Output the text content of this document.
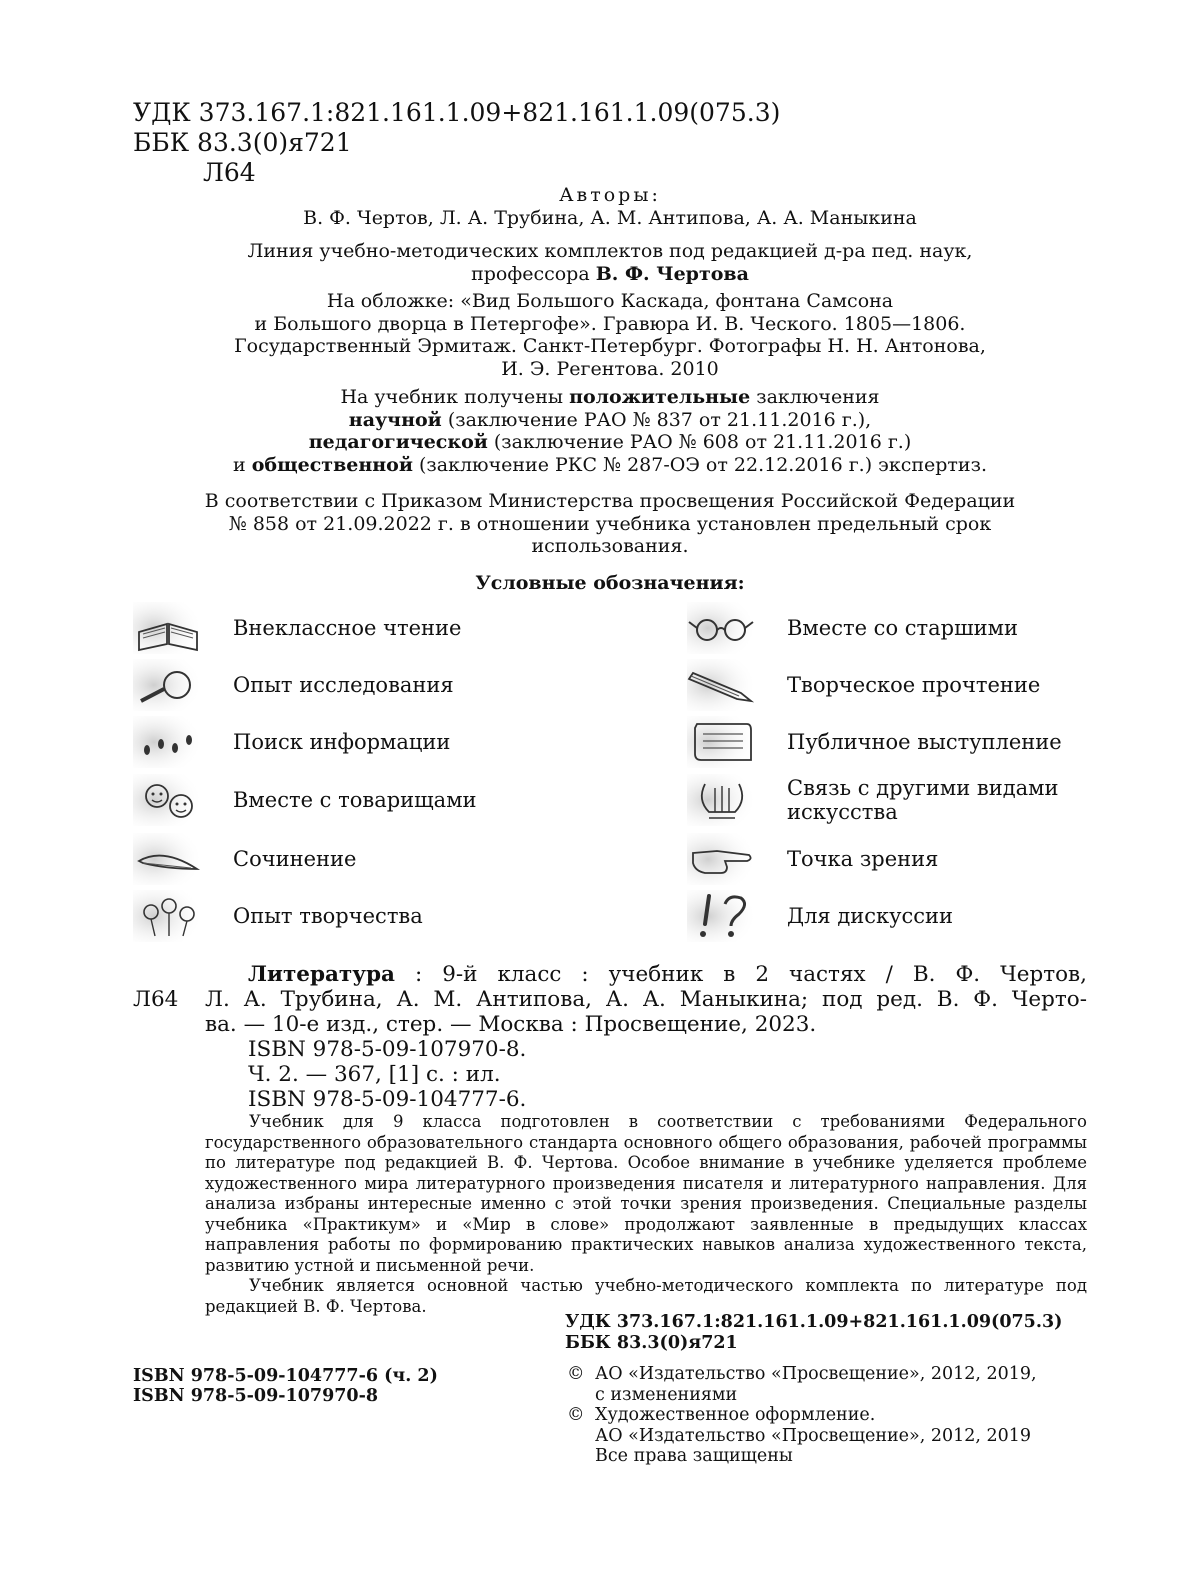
УДК 373.167.1:821.161.1.09+821.161.1.09(075.3)
ББК 83.3(0)я721
Л64
Авторы:
В. Ф. Чертов, Л. А. Трубина, А. М. Антипова, А. А. Маныкина
Линия учебно-методических комплектов под редакцией д-ра пед. наук,
профессора В. Ф. Чертова
На обложке: «Вид Большого Каскада, фонтана Самсона
и Большого дворца в Петергофе». Гравюра И. В. Ческого. 1805—1806.
Государственный Эрмитаж. Санкт-Петербург. Фотографы Н. Н. Антонова,
И. Э. Регентова. 2010
На учебник получены положительные заключения
научной (заключение РАО № 837 от 21.11.2016 г.),
педагогической (заключение РАО № 608 от 21.11.2016 г.)
и общественной (заключение РКС № 287-ОЭ от 22.12.2016 г.) экспертиз.
В соответствии с Приказом Министерства просвещения Российской Федерации
№ 858 от 21.09.2022 г. в отношении учебника установлен предельный срок
использования.
Условные обозначения:
Внеклассное чтение
Опыт исследования
Поиск информации
Вместе с товарищами
Сочинение
Опыт творчества
Вместе со старшими
Творческое прочтение
Публичное выступление
Связь с другими видами искусства
Точка зрения
Для дискуссии
Л64
Литература : 9-й класс : учебник в 2 частях / В. Ф. Чертов,
Л. А. Трубина, А. М. Антипова, А. А. Маныкина; под ред. В. Ф. Черто-
ва. — 10-е изд., стер. — Москва : Просвещение, 2023.
ISBN 978-5-09-107970-8.
Ч. 2. — 367, [1] с. : ил.
ISBN 978-5-09-104777-6.

Учебник для 9 класса подготовлен в соответствии с требованиями Федерального государственного образовательного стандарта основного общего образования, рабочей программы по литературе под редакцией В. Ф. Чертова. Особое внимание в учебнике уделяется проблеме художественного мира литературного произведения писателя и литературного направления. Для анализа избраны интересные именно с этой точки зрения произведения. Специальные разделы учебника «Практикум» и «Мир в слове» продолжают заявленные в предыдущих классах направления работы по формированию практических навыков анализа художественного текста, развитию устной и письменной речи.

Учебник является основной частью учебно-методического комплекта по литературе под редакцией В. Ф. Чертова.

УДК 373.167.1:821.161.1.09+821.161.1.09(075.3)
ББК 83.3(0)я721
ISBN 978-5-09-104777-6 (ч. 2)
ISBN 978-5-09-107970-8
© АО «Издательство «Просвещение», 2012, 2019,
с изменениями
© Художественное оформление.
АО «Издательство «Просвещение», 2012, 2019
Все права защищены
